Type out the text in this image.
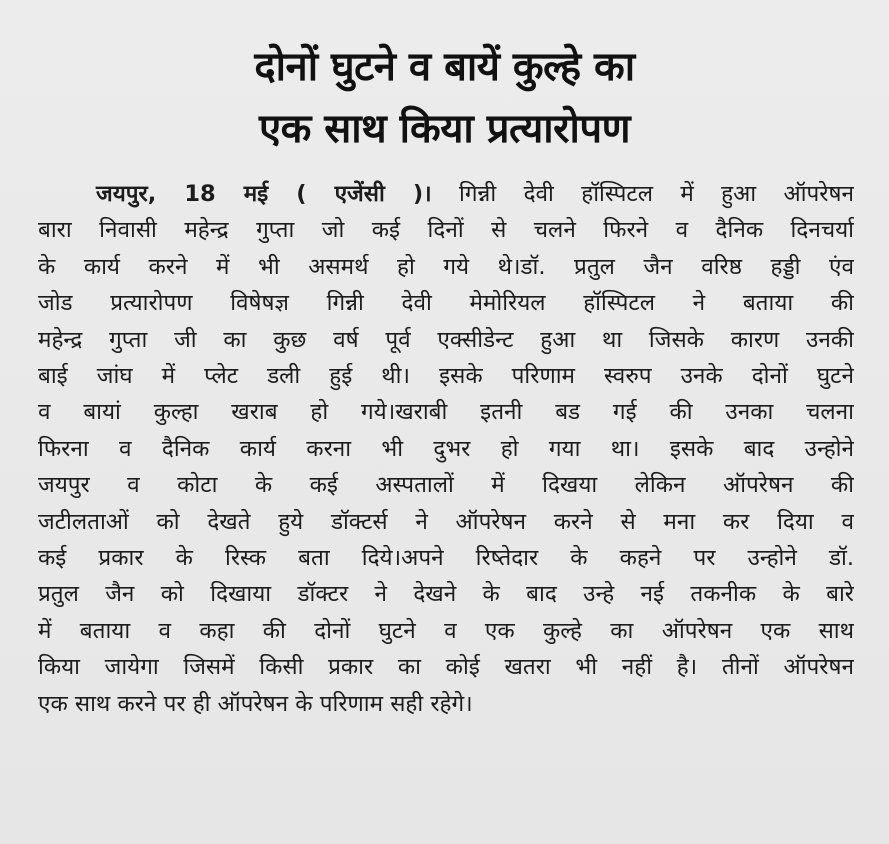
दोनों घुटने व बायें कुल्हे का
एक साथ किया प्रत्यारोपण
जयपुर, 18 मई ( एजेंसी )। गिन्नी देवी हॉस्पिटल में हुआ ऑपरेषन
बारा निवासी महेन्द्र गुप्ता जो कई दिनों से चलने फिरने व दैनिक दिनचर्या
के कार्य करने में भी असमर्थ हो गये थे।डॉ. प्रतुल जैन वरिष्ठ हड्डी एंव
जोड प्रत्यारोपण विषेषज्ञ गिन्नी देवी मेमोरियल हॉस्पिटल ने बताया की
महेन्द्र गुप्ता जी का कुछ वर्ष पूर्व एक्सीडेन्ट हुआ था जिसके कारण उनकी
बाई जांघ में प्लेट डली हुई थी। इसके परिणाम स्वरुप उनके दोनों घुटने
व बायां कुल्हा खराब हो गये।खराबी इतनी बड गई की उनका चलना
फिरना व दैनिक कार्य करना भी दुभर हो गया था। इसके बाद उन्होने
जयपुर व कोटा के कई अस्पतालों में दिखया लेकिन ऑपरेषन की
जटीलताओं को देखते हुये डॉक्टर्स ने ऑपरेषन करने से मना कर दिया व
कई प्रकार के रिस्क बता दिये।अपने रिष्तेदार के कहने पर उन्होने डॉ.
प्रतुल जैन को दिखाया डॉक्टर ने देखने के बाद उन्हे नई तकनीक के बारे
में बताया व कहा की दोनों घुटने व एक कुल्हे का ऑपरेषन एक साथ
किया जायेगा जिसमें किसी प्रकार का कोई खतरा भी नहीं है। तीनों ऑपरेषन
एक साथ करने पर ही ऑपरेषन के परिणाम सही रहेगे।
